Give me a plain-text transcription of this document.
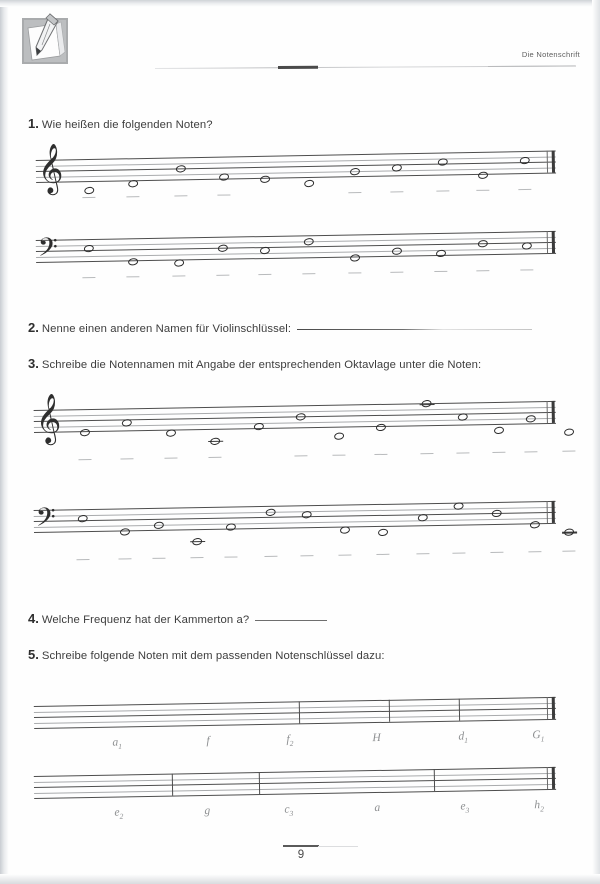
Die Notenschrift
1. Wie heißen die folgenden Noten?
𝄞
𝄢
2. Nenne einen anderen Namen für Violinschlüssel:
3. Schreibe die Notennamen mit Angabe der entsprechenden Oktavlage unter die Noten:
𝄞
𝄢
4. Welche Frequenz hat der Kammerton a?
5. Schreibe folgende Noten mit dem passenden Notenschlüssel dazu:
$a_1$	f	$f_2$	H	$d_1$	$G_1$
$e_2$	g	$c_3$	a	$e_3$	$h_2$
9
